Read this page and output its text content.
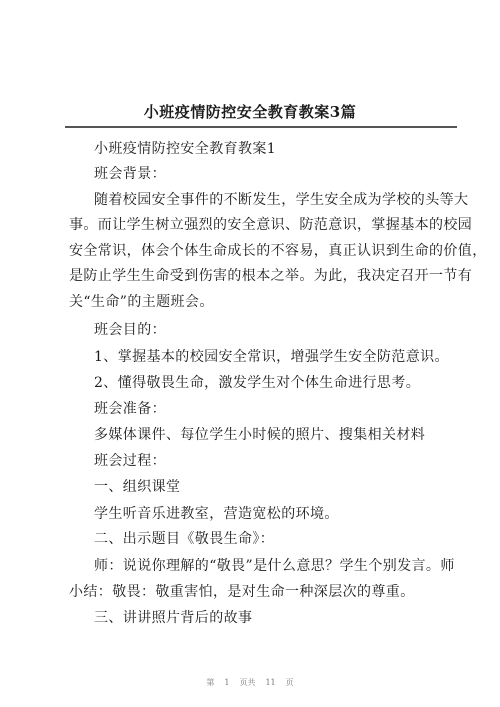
小班疫情防控安全教育教案3篇
小班疫情防控安全教育教案1
班会背景：
随着校园安全事件的不断发生，学生安全成为学校的头等大
事。而让学生树立强烈的安全意识、防范意识，掌握基本的校园
安全常识，体会个体生命成长的不容易，真正认识到生命的价值，
是防止学生生命受到伤害的根本之举。为此，我决定召开一节有
关“生命”的主题班会。
班会目的：
1、掌握基本的校园安全常识，增强学生安全防范意识。
2、懂得敬畏生命，激发学生对个体生命进行思考。
班会准备：
多媒体课件、每位学生小时候的照片、搜集相关材料
班会过程：
一、组织课堂
学生听音乐进教室，营造宽松的环境。
二、出示题目《敬畏生命》：
师：说说你理解的“敬畏”是什么意思？学生个别发言。师
小结：敬畏：敬重害怕，是对生命一种深层次的尊重。
三、讲讲照片背后的故事
第 1 页共 11 页
